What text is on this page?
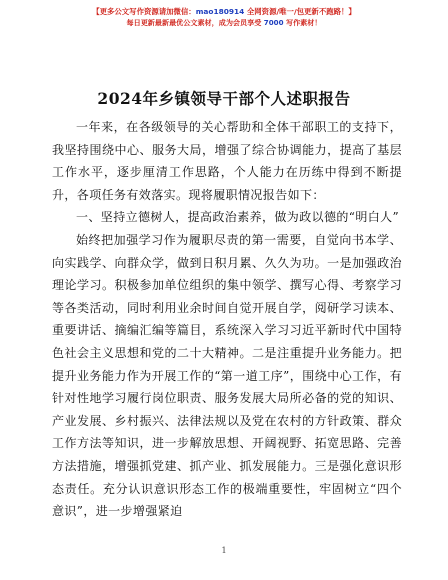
【更多公文写作资源请加微信：mao180914 全网资源/唯一/包更新不跑路！】
每日更新最新最优公文素材，成为会员享受 7000 写作素材！
2024年乡镇领导干部个人述职报告

一年来，在各级领导的关心帮助和全体干部职工的支持下，我坚持围绕中心、服务大局，增强了综合协调能力，提高了基层工作水平，逐步厘清工作思路，个人能力在历练中得到不断提升，各项任务有效落实。现将履职情况报告如下：

一、坚持立德树人，提高政治素养，做为政以德的“明白人”

始终把加强学习作为履职尽责的第一需要，自觉向书本学、向实践学、向群众学，做到日积月累、久久为功。一是加强政治理论学习。积极参加单位组织的集中领学、撰写心得、考察学习等各类活动，同时利用业余时间自觉开展自学，阅研学习读本、重要讲话、摘编汇编等篇目，系统深入学习习近平新时代中国特色社会主义思想和党的二十大精神。二是注重提升业务能力。把提升业务能力作为开展工作的“第一道工序”，围绕中心工作，有针对性地学习履行岗位职责、服务发展大局所必备的党的知识、产业发展、乡村振兴、法律法规以及党在农村的方针政策、群众工作方法等知识，进一步解放思想、开阔视野、拓宽思路、完善方法措施，增强抓党建、抓产业、抓发展能力。三是强化意识形态责任。充分认识意识形态工作的极端重要性，牢固树立“四个意识”，进一步增强紧迫

1
